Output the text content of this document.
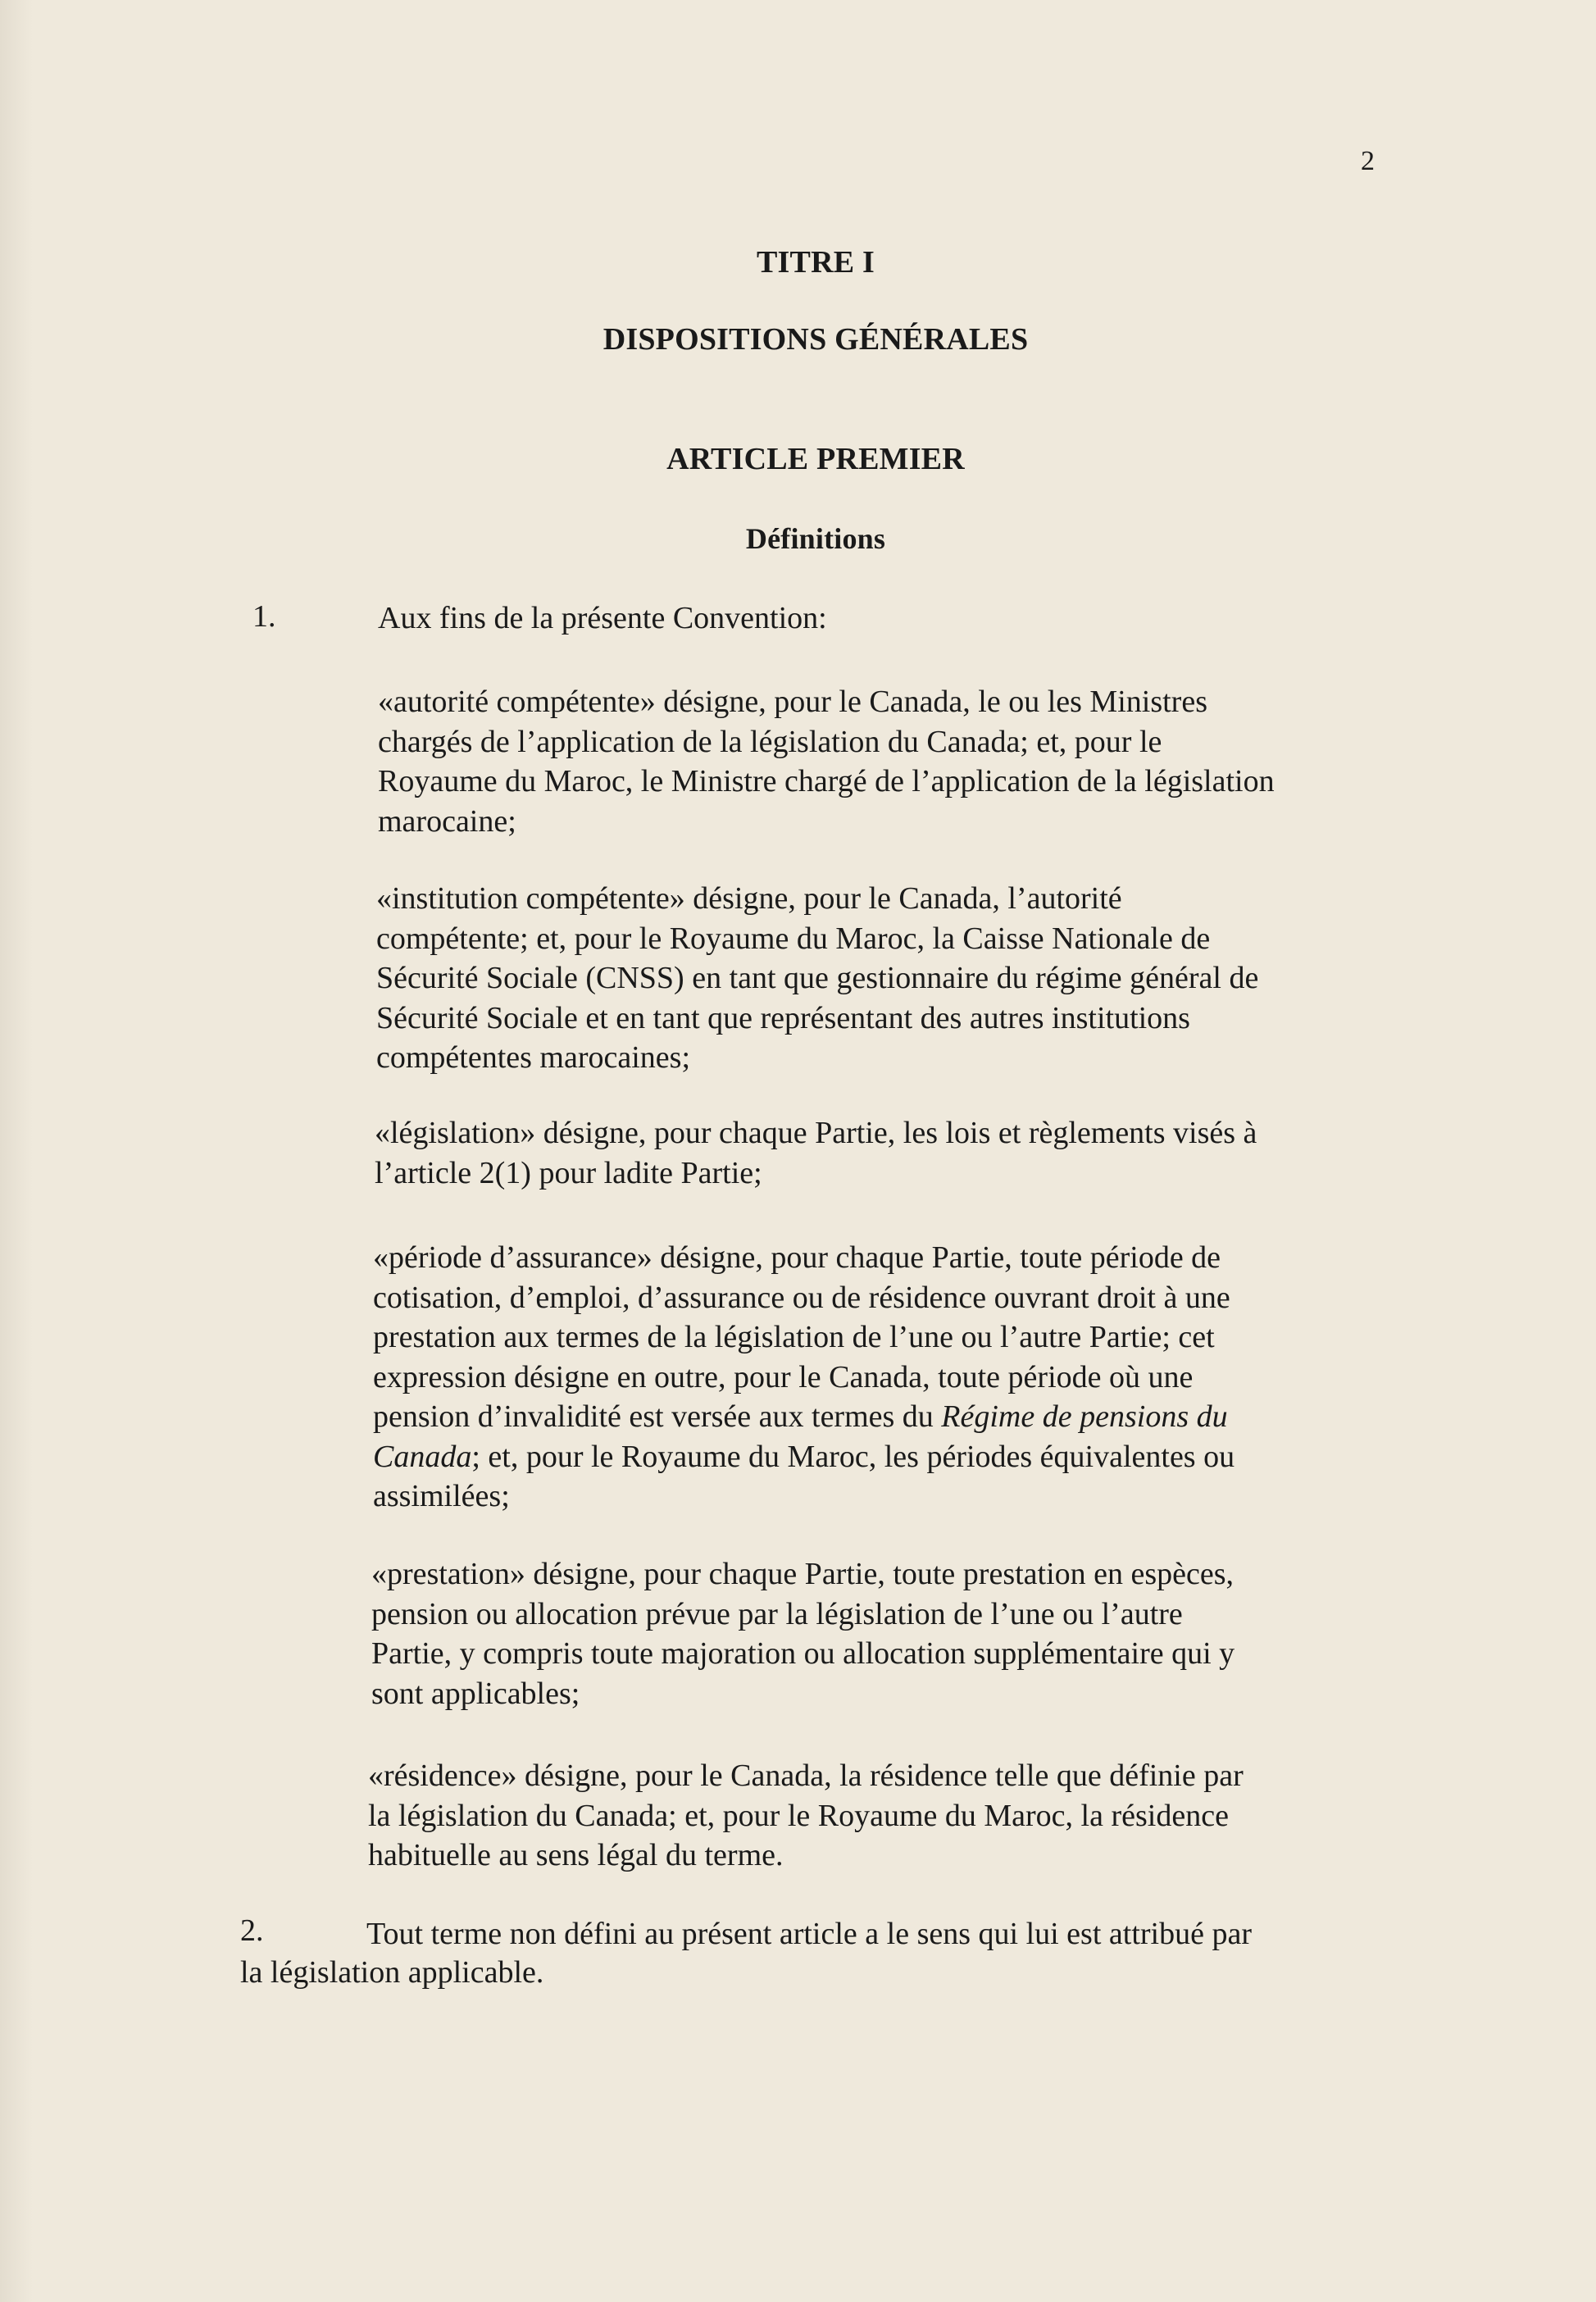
2
TITRE I
DISPOSITIONS GÉNÉRALES
ARTICLE PREMIER
Définitions
1.	Aux fins de la présente Convention:
«autorité compétente» désigne, pour le Canada, le ou les Ministres
chargés de l’application de la législation du Canada; et, pour le
Royaume du Maroc, le Ministre chargé de l’application de la législation
marocaine;
«institution compétente» désigne, pour le Canada, l’autorité
compétente; et, pour le Royaume du Maroc, la Caisse Nationale de
Sécurité Sociale (CNSS) en tant que gestionnaire du régime général de
Sécurité Sociale et en tant que représentant des autres institutions
compétentes marocaines;
«législation» désigne, pour chaque Partie, les lois et règlements visés à
l’article 2(1) pour ladite Partie;
«période d’assurance» désigne, pour chaque Partie, toute période de
cotisation, d’emploi, d’assurance ou de résidence ouvrant droit à une
prestation aux termes de la législation de l’une ou l’autre Partie; cet
expression désigne en outre, pour le Canada, toute période où une
pension d’invalidité est versée aux termes du Régime de pensions du
Canada; et, pour le Royaume du Maroc, les périodes équivalentes ou
assimilées;
«prestation» désigne, pour chaque Partie, toute prestation en espèces,
pension ou allocation prévue par la législation de l’une ou l’autre
Partie, y compris toute majoration ou allocation supplémentaire qui y
sont applicables;
«résidence» désigne, pour le Canada, la résidence telle que définie par
la législation du Canada; et, pour le Royaume du Maroc, la résidence
habituelle au sens légal du terme.
2.	Tout terme non défini au présent article a le sens qui lui est attribué par
la législation applicable.
